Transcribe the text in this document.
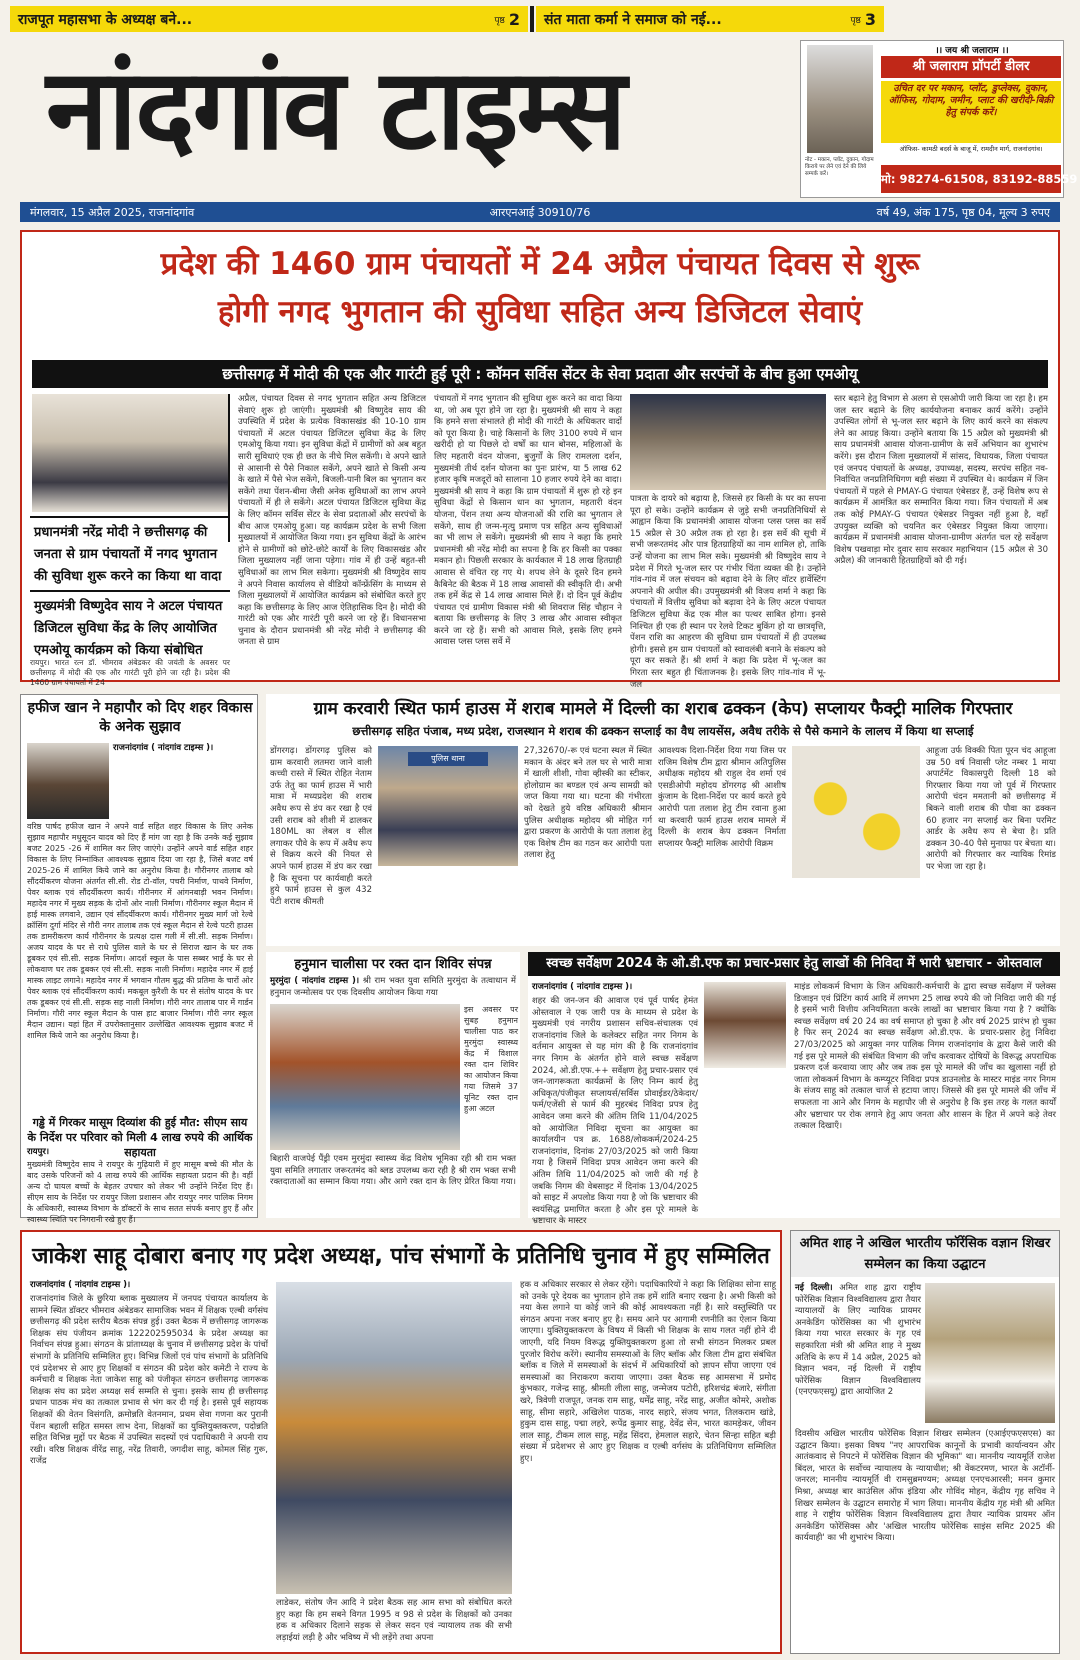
राजपूत महासभा के अध्यक्ष बने...	पृष्ठ 2 संत माता कर्मा ने समाज को नई...	पृष्ठ 3
नांदगांव टाइम्स	नोट - मकान, प्लॉट, दुकान, गोदाम किराये पर लेने एवं देने की लिये सम्पर्क करें।
।। जय श्री जलाराम ।।
श्री जलाराम प्रॉपर्टी डीलर
उचित दर पर मकान, प्लॉट, डुप्लेक्स, दुकान, ऑफिस, गोदाम, जमीन, प्लाट की खरीदी-बिक्री हेतु संपर्क करें।
ऑफिस- कामठी बदर्स के बाजू में, रामदीन मार्ग, राजनांदगांव।
मो: 98274-61508, 83192-88559
मंगलवार, 15 अप्रैल 2025, राजनांदगांव	आरएनआई 30910/76	वर्ष 49, अंक 175, पृष्ठ 04, मूल्य 3 रुपए
प्रदेश की 1460 ग्राम पंचायतों में 24 अप्रैल पंचायत दिवस से शुरू
होगी नगद भुगतान की सुविधा सहित अन्य डिजिटल सेवाएं
छत्तीसगढ़ में मोदी की एक और गारंटी हुई पूरी : कॉमन सर्विस सेंटर के सेवा प्रदाता और सरपंचों के बीच हुआ एमओयू
प्रधानमंत्री नरेंद्र मोदी ने छत्तीसगढ़ की जनता से ग्राम पंचायतों में नगद भुगतान की सुविधा शुरू करने का किया था वादा
मुख्यमंत्री विष्णुदेव साय ने अटल पंचायत डिजिटल सुविधा केंद्र के लिए आयोजित एमओयू कार्यक्रम को किया संबोधित
रायपुर। भारत रत्न डॉ. भीमराव अंबेडकर की जयंती के अवसर पर छत्तीसगढ़ में मोदी की एक और गारंटी पूरी होने जा रही है। प्रदेश की 1460 ग्राम पंचायतों में 24
अप्रैल, पंचायत दिवस से नगद भुगतान सहित अन्य डिजिटल सेवाएं शुरू हो जाएंगी। मुख्यमंत्री श्री विष्णुदेव साय की उपस्थिति में प्रदेश के प्रत्येक विकासखंड की 10-10 ग्राम पंचायतों में अटल पंचायत डिजिटल सुविधा केंद्र के लिए एमओयू किया गया। इन सुविधा केंद्रों में ग्रामीणों को अब बहुत सारी सुविधाएं एक ही छत के नीचे मिल सकेंगी। वे अपने खाते से आसानी से पैसे निकाल सकेंगे, अपने खाते से किसी अन्य के खाते में पैसे भेज सकेंगे, बिजली-पानी बिल का भुगतान कर सकेंगे तथा पेंशन-बीमा जैसी अनेक सुविधाओं का लाभ अपने पंचायतों में ही ले सकेंगे। अटल पंचायत डिजिटल सुविधा केंद्र के लिए कॉमन सर्विस सेंटर के सेवा प्रदाताओं और सरपंचों के बीच आज एमओयू हुआ। यह कार्यक्रम प्रदेश के सभी जिला मुख्यालयों में आयोजित किया गया। इन सुविधा केंद्रों के आरंभ होने से ग्रामीणों को छोटे-छोटे कार्यों के लिए विकासखंड और जिला मुख्यालय नहीं जाना पड़ेगा। गांव में ही उन्हें बहुत-सी सुविधाओं का लाभ मिल सकेगा। मुख्यमंत्री श्री विष्णुदेव साय ने अपने निवास कार्यालय से वीडियो कॉन्फ्रेंसिंग के माध्यम से जिला मुख्यालयों में आयोजित कार्यक्रम को संबोधित करते हुए कहा कि छत्तीसगढ़ के लिए आज ऐतिहासिक दिन है। मोदी की गारंटी को एक और गारंटी पूरी करने जा रहे हैं। विधानसभा चुनाव के दौरान प्रधानमंत्री श्री नरेंद्र मोदी ने छत्तीसगढ़ की जनता से ग्राम
पंचायतों में नगद भुगतान की सुविधा शुरू करने का वादा किया था, जो अब पूरा होने जा रहा है। मुख्यमंत्री श्री साय ने कहा कि हमने सत्ता संभालते ही मोदी की गारंटी के अधिकतर वादों को पूरा किया है। चाहे किसानों के लिए 3100 रुपये में धान खरीदी हो या पिछले दो वर्षों का धान बोनस, महिलाओं के लिए महतारी वंदन योजना, बुजुर्गों के लिए रामलला दर्शन, मुख्यमंत्री तीर्थ दर्शन योजना का पुनः प्रारंभ, या 5 लाख 62 हजार कृषि मजदूरों को सालाना 10 हजार रुपये देने का वादा। मुख्यमंत्री श्री साय ने कहा कि ग्राम पंचायतों में शुरू हो रहे इन सुविधा केंद्रों से किसान धान का भुगतान, महतारी वंदन योजना, पेंशन तथा अन्य योजनाओं की राशि का भुगतान ले सकेंगे, साथ ही जन्म-मृत्यु प्रमाण पत्र सहित अन्य सुविधाओं का भी लाभ ले सकेंगे। मुख्यमंत्री श्री साय ने कहा कि हमारे प्रधानमंत्री श्री नरेंद्र मोदी का सपना है कि हर किसी का पक्का मकान हो। पिछली सरकार के कार्यकाल में 18 लाख हितग्राही आवास से वंचित रह गए थे। शपथ लेने के दूसरे दिन हमने कैबिनेट की बैठक में 18 लाख आवासों की स्वीकृति दी। अभी तक हमें केंद्र से 14 लाख आवास मिले हैं। दो दिन पूर्व केंद्रीय पंचायत एवं ग्रामीण विकास मंत्री श्री शिवराज सिंह चौहान ने बताया कि छत्तीसगढ़ के लिए 3 लाख और आवास स्वीकृत करने जा रहे हैं। सभी को आवास मिले, इसके लिए हमने आवास प्लस प्लस सर्वे में
पात्रता के दायरे को बढ़ाया है, जिससे हर किसी के घर का सपना पूरा हो सके। उन्होंने कार्यक्रम से जुड़े सभी जनप्रतिनिधियों से आह्वान किया कि प्रधानमंत्री आवास योजना प्लस प्लस का सर्वे 15 अप्रैल से 30 अप्रैल तक हो रहा है। इस सर्वे की सूची में सभी जरूरतमंद और पात्र हितग्राहियों का नाम शामिल हो, ताकि उन्हें योजना का लाभ मिल सके। मुख्यमंत्री श्री विष्णुदेव साय ने प्रदेश में गिरते भू-जल स्तर पर गंभीर चिंता व्यक्त की है। उन्होंने गांव-गांव में जल संचयन को बढ़ावा देने के लिए वॉटर हार्वेस्टिंग अपनाने की अपील की। उपमुख्यमंत्री श्री विजय शर्मा ने कहा कि पंचायतों में वित्तीय सुविधा को बढ़ावा देने के लिए अटल पंचायत डिजिटल सुविधा केंद्र एक मील का पत्थर साबित होगा। इनसे निश्चित ही एक ही स्थान पर रेलवे टिकट बुकिंग हो या छात्रवृत्ति, पेंशन राशि का आहरण की सुविधा ग्राम पंचायतों में ही उपलब्ध होगी। इससे हम ग्राम पंचायतों को स्वावलंबी बनाने के संकल्प को पूरा कर सकते हैं। श्री शर्मा ने कहा कि प्रदेश में भू-जल का गिरता स्तर बहुत ही चिंताजनक है। इसके लिए गांव-गांव में भू-जल
स्तर बढ़ाने हेतु विभाग से अलग से एसओपी जारी किया जा रहा है। हम जल स्तर बढ़ाने के लिए कार्ययोजना बनाकर कार्य करेंगे। उन्होंने उपस्थित लोगों से भू-जल स्तर बढ़ाने के लिए कार्य करने का संकल्प लेने का आग्रह किया। उन्होंने बताया कि 15 अप्रैल को मुख्यमंत्री श्री साय प्रधानमंत्री आवास योजना-ग्रामीण के सर्वे अभियान का शुभारंभ करेंगे। इस दौरान जिला मुख्यालयों में सांसद, विधायक, जिला पंचायत एवं जनपद पंचायतों के अध्यक्ष, उपाध्यक्ष, सदस्य, सरपंच सहित नव-निर्वाचित जनप्रतिनिधिगण बड़ी संख्या में उपस्थित थे। कार्यक्रम में जिन पंचायतों में पहले से PMAY-G पंचायत एंबेसडर हैं, उन्हें विशेष रूप से कार्यक्रम में आमंत्रित कर सम्मानित किया गया। जिन पंचायतों में अब तक कोई PMAY-G पंचायत एंबेसडर नियुक्त नहीं हुआ है, वहाँ उपयुक्त व्यक्ति को चयनित कर एंबेसडर नियुक्त किया जाएगा। कार्यक्रम में प्रधानमंत्री आवास योजना-ग्रामीण अंतर्गत चल रहे सर्वेक्षण विशेष पखवाड़ा मोर दुवार साय सरकार महाभियान (15 अप्रैल से 30 अप्रैल) की जानकारी हितग्राहियों को दी गई।
हफीज खान ने महापौर को दिए शहर विकास के अनेक सुझाव
राजनांदगांव ( नांदगांव टाइम्स )।
वरिष्ठ पार्षद हफीज खान ने अपने वार्ड सहित शहर विकास के लिए अनेक सुझाव महापौर मधुसूदन यादव को दिए हैं मांग जा रहा है कि उनके कई सुझाव बजट 2025 -26 में शामिल कर लिए जाएंगे। उन्होंने अपने वार्ड सहित शहर विकास के लिए निम्नांकित आवश्यक सुझाव दिया जा रहा है, जिसे बजट वर्ष 2025-26 में शामिल किये जाने का अनुरोध किया है। गौरीनगर तालाब को सौंदर्यीकरण योजना अंतर्गत सी.सी. रोड टो-वॉल, पचरी निर्माण, पाथवे निर्माण, पेवर ब्लाक एवं सौंदर्यीकरण कार्य। गौरीनगर में आंगनबाड़ी भवन निर्माण। महादेव नगर में मुख्य सड़क के दोनों ओर नाली निर्माण। गौरीनगर स्कूल मैदान में हाई मास्क लगवाने, उद्यान एवं सौंदर्यीकरण कार्य। गौरीनगर मुख्य मार्ग जो रेल्वे क्रॉसिंग दुर्गा मंदिर से गौरी नगर तालाब तक एवं स्कूल मैदान से रेल्वे पटरी हाउस तक डामरीकरण कार्य गौरीनगर के प्रत्यक्ष दास गली में सी.सी. सड़क निर्माण। अजय यादव के घर से राधे पुलिस वाले के घर से सिराज खान के घर तक डूबकर एवं सी.सी. सड़क निर्माण। आदर्श स्कूल के पास सब्बर भाई के घर से लोकवाण घर तक डूबकर एवं सी.सी. सड़क नाली निर्माण। महादेव नगर में हाई मास्क लाइट लगाने। महादेव नगर में भगवान गौतम बुद्ध की प्रतिमा के चारों ओर पेवर ब्लाक एवं सौंदर्यीकरण कार्य। मकबूल कुरैशी के घर से संतोष यादव के घर तक डूबकर एवं सी.सी. सड़क सह नाली निर्माण। गौरी नगर तालाब पार में गार्डन निर्माण। गौरी नगर स्कूल मैदान के पास हाट बाजार निर्माण। गौरी नगर स्कूल मैदान उद्यान। यहां हित में उपरोक्तानुसार उल्लेखित आवश्यक सुझाव बजट में शामिल किये जाने का अनुरोध किया है।
गड्ढे में गिरकर मासूम दिव्यांश की हुई मौत: सीएम साय के निर्देश पर परिवार को मिली 4 लाख रुपये की आर्थिक सहायता
रायपुर।
मुख्यमंत्री विष्णुदेव साय ने रायपुर के गुढ़ियारी में हुए मासूम बच्चे की मौत के बाद उसके परिजनों को 4 लाख रुपये की आर्थिक सहायता प्रदान की है। वहीं अन्य दो घायल बच्चों के बेहतर उपचार को लेकर भी उन्होंने निर्देश दिए हैं। सीएम साय के निर्देश पर रायपुर जिला प्रशासन और रायपुर नगर पालिक निगम के अधिकारी, स्वास्थ्य विभाग के डॉक्टरों के साथ सतत संपर्क बनाए हुए हैं और स्वास्थ्य स्थिति पर निगरानी रखे हुए हैं।
ग्राम करवारी स्थित फार्म हाउस में शराब मामले में दिल्ली का शराब ढक्कन (केप) सप्लायर फैक्ट्री मालिक गिरफ्तार
छत्तीसगढ़ सहित पंजाब, मध्य प्रदेश, राजस्थान मे शराब की ढक्कन सप्लाई का वैध लायसेंस, अवैध तरीके से पैसे कमाने के लालच में किया था सप्लाई
डोंगरगढ़। डोंगरगढ़ पुलिस को ग्राम करवारी लतमरा जाने वाली कच्ची रास्ते में स्थित रोहित नेताम उर्फ तेतु का फार्म हाउस में भारी मात्रा में मध्यप्रदेश की शराब अवैध रूप से डंप कर रखा है एवं उसी शराब को शीशी में ढालकर 180ML का लेबल व सील लगाकर पौवे के रूप में अवैध रूप से विक्रय करने की नियत से अपने फार्म हाउस में डंप कर रखा है कि सूचना पर कार्यवाही करते हुये फार्म हाउस से कुल 432 पेटी शराब कीमती
पुलिस थाना
27,32670/-रू एवं घटना स्थल में स्थित मकान के अंदर बने तल घर से भारी मात्रा में खाली शीशी, गोवा व्हीस्की का स्टीकर, होलोग्राम का बण्डल एवं अन्य सामग्री को जप्त किया गया था। घटना की गंभीरता को देखते हुये वरिष्ठ अधिकारी श्रीमान पुलिस अधीक्षक महोदय श्री मोहित गर्ग द्वारा प्रकरण के आरोपी के पता तलाश हेतु एक विशेष टीम का गठन कर आरोपी पता तलाश हेतु
आवश्यक दिशा-निर्देश दिया गया जिस पर राजिम विशेष टीम द्वारा श्रीमान अतिपुलिस अधीक्षक महोदय श्री राहुल देव शर्मा एवं एसडीओपी महोदय डोंगरगढ़ श्री आशीष कुंजाम के दिशा-निर्देश पर कार्य करते हुये आरोपी पता तलाश हेतु टीम रवाना हुआ था करवारी फार्म हाउस शराब मामले में दिल्ली के शराब केप ढक्कन निर्माता सप्लायर फैक्ट्री मालिक आरोपी विक्रम
आहूजा उर्फ विक्की पिता पूरन चंद आहूजा उम्र 50 वर्ष निवासी प्लेट नम्बर 1 माया अपार्टमेंट विकासपुरी दिल्ली 18 को गिरफ्तार किया गया जो पूर्व में गिरफ्तार आरोपी चंदन ममतानी को छत्तीसगढ़ में बिकने वाली शराब की पौवा का ढक्कन 60 हजार नग सप्लाई कर बिना परमिट आर्डर के अवैध रूप से बेचा है। प्रति ढक्कन 30-40 पैसे मुनाफा पर बेचता था। आरोपी को गिरफ्तार कर न्यायिक रिमांड पर भेजा जा रहा है।
हनुमान चालीसा पर रक्त दान शिविर संपन्न
मुरमुंदा ( नांदगांव टाइम्स )। श्री राम भक्त युवा समिति मुरमुंदा के तत्वाधान में हनुमान जन्मोत्सव पर एक दिवसीय आयोजन किया गया
इस अवसर पर सुबह हनुमान चालीसा पाठ कर मुरमुंदा स्वास्थ्य केंद्र में विशाल रक्त दान शिविर का आयोजन किया गया जिसमे 37 यूनिट रक्त दान हुआ अटल
बिहारी वाजपेई पैंड्री एवम मुरमुंदा स्वास्थ्य केंद्र विशेष भूमिका रही श्री राम भक्त युवा समिति लगातार जरूरतमंद को ब्लड उपलब्ध करा रही है श्री राम भक्त सभी रक्तदाताओं का सम्मान किया गया। और आगे रक्त दान के लिए प्रेरित किया गया।
स्वच्छ सर्वेक्षण 2024 के ओ.डी.एफ का प्रचार-प्रसार हेतु लाखों की निविदा में भारी भ्रष्टाचार - ओस्तवाल
राजनांदगांव ( नांदगांव टाइम्स )।
शहर की जन-जन की आवाज एवं पूर्व पार्षद हेमंत ओस्तवाल ने एक जारी पत्र के माध्यम से प्रदेश के मुख्यमंत्री एवं नगरीय प्रशासन सचिव-संचालक एवं राजनांदगांव जिले के कलेक्टर सहित नगर निगम के वर्तमान आयुक्त से यह मांग की है कि राजनांदगांव नगर निगम के अंतर्गत होने वाले स्वच्छ सर्वेक्षण 2024, ओ.डी.एफ.++ सर्वेक्षण हेतु प्रचार-प्रसार एवं जन-जागरूकता कार्यक्रमों के लिए निम्न कार्य हेतु अधिकृत/पंजीकृत सप्लायर्स/सर्विस प्रोवाईडर/ठेकेदार/फर्म/एजेंसी से फार्म की मुहरबंद निविदा प्रपत्र हेतु आवेदन जमा करने की अंतिम तिथि 11/04/2025 को आयोजित निविदा सूचना का आयुक्त का कार्यालयीन पत्र क्र. 1688/लोककर्म/2024-25 राजनांदगांव, दिनांक 27/03/2025 को जारी किया गया है जिसमें निविदा प्रपत्र आवेदन जमा करने की अंतिम तिथि 11/04/2025 को जारी की गई है जबकि निगम की वेबसाइट में दिनांक 13/04/2025 को साइट में अपलोड किया गया है जो कि भ्रष्टाचार की स्वयंसिद्ध प्रमाणित करता है और इस पूरे मामले के भ्रष्टाचार के मास्टर
माइंड लोककर्म विभाग के जिन अधिकारी-कर्मचारी के द्वारा स्वच्छ सर्वेक्षण में फ्लेक्स डिजाइन एवं प्रिंटिंग कार्य आदि में लगभग 25 लाख रुपये की जो निविदा जारी की गई है इसमें भारी वित्तीय अनियमितता करके लाखों का भ्रष्टाचार किया गया है ? क्योंकि स्वच्छ सर्वेक्षण वर्ष 20 24 का वर्ष समाप्त हो चुका है और वर्ष 2025 प्रारंभ हो चुका है फिर सन् 2024 का स्वच्छ सर्वेक्षण ओ.डी.एफ. के प्रचार-प्रसार हेतु निविदा 27/03/2025 को आयुक्त नगर पालिक निगम राजनांदगांव के द्वारा कैसे जारी की गई इस पूरे मामले की संबंधित विभाग की जाँच करवाकर दोषियों के विरूद्ध अपराधिक प्रकरण दर्ज करवाया जाए और जब तक इस पूरे मामले की जाँच का खुलासा नहीं हो जाता लोककर्म विभाग के कम्प्यूटर निविदा प्रपत्र डाउनलोड के मास्टर माइंड नगर निगम के संजय साहू को तत्काल चार्ज से हटाया जाए। जिससे की इस पूरे मामले की जाँच में सफलता ना आने और निगम के महापौर जी से अनुरोध है कि इस तरह के गलत कार्यों और भ्रष्टाचार पर रोक लगाने हेतु आप जनता और शासन के हित में अपने कड़े तेवर तत्काल दिखाएँ।
जाकेश साहू दोबारा बनाए गए प्रदेश अध्यक्ष, पांच संभागों के प्रतिनिधि चुनाव में हुए सम्मिलित
राजनांदगांव ( नांदगांव टाइम्स )।
राजनांदगांव जिले के छुरिया ब्लाक मुख्यालय में जनपद पंचायत कार्यालय के सामने स्थित डॉक्टर भीमराव अंबेडकर सामाजिक भवन में शिक्षक एल्बी वर्गसंघ छत्तीसगढ़ की प्रदेश स्तरीय बैठक संपन्न हुई। उक्त बैठक में छत्तीसगढ़ जागरूक शिक्षक संघ पंजीयन क्रमांक 122202595034 के प्रदेश अध्यक्ष का निर्वाचन संपन्न हुआ। संगठन के प्रांताध्यक्ष के चुनाव में छत्तीसगढ़ प्रदेश के पांचों संभागों के प्रतिनिधि सम्मिलित हुए। विभिन्न जिलों एवं पांच संभागों के प्रतिनिधि एवं प्रदेशभर से आए हुए शिक्षकों व संगठन की प्रदेश कोर कमेटी ने राज्य के कर्मचारी व शिक्षक नेता जाकेश साहू को पंजीकृत संगठन छत्तीसगढ़ जागरूक शिक्षक संघ का प्रदेश अध्यक्ष सर्व सम्मति से चुना। इसके साथ ही छत्तीसगढ़ प्रधान पाठक मंच का तत्काल प्रभाव से भंग कर दी गई है। इससे पूर्व सहायक शिक्षकों की वेतन विसंगति, क्रमोन्नति वेतनमान, प्रथम सेवा गणना कर पुरानी पेंशन बहाली सहित समस्त लाभ देना, शिक्षकों का युक्तियुक्तकरण, पदोन्नति सहित विभिन्न मुद्दों पर बैठक में उपस्थित सदस्यों एवं पदाधिकारी ने अपनी राय रखी। वरिष्ठ शिक्षक वीरेंद्र साहू, नरेंद्र तिवारी, जगदीश साहू, कोमल सिंह गुरू, राजेंद्र
लाडेकर, संतोष जैन आदि ने प्रदेश बैठक सह आम सभा को संबोधित करते हुए कहा कि हम सबने विगत 1995 व 98 से प्रदेश के शिक्षकों को उनका हक व अधिकार दिलाने सड़क से लेकर सदन एवं न्यायालय तक की सभी लड़ाईयां लड़ी है और भविष्य में भी लड़ेंगे तथा अपना
हक व अधिकार सरकार से लेकर रहेंगे। पदाधिकारियों ने कहा कि शिक्षिका सोना साहू को उनके पूरे देयक का भुगतान होने तक हमें शांति बनाए रखना है। अभी किसी को नया केस लगाने या कोई जाने की कोई आवश्यकता नहीं है। सारे वस्तुस्थिति पर संगठन अपना नजर बनाए हुए है। समय आने पर आगामी रणनीति का ऐलान किया जाएगा। युक्तियुक्तकरण के विषय में किसी भी शिक्षक के साथ गलत नहीं होने दी जाएगी, यदि नियम विरूद्ध युक्तियुक्तकरण हुआ तो सभी संगठन मिलकर प्रबल पुरजोर विरोध करेंगे। स्थानीय समस्याओं के लिए ब्लॉक और जिला टीम द्वारा संबंधित ब्लॉक व जिले में समस्याओं के संदर्भ में अधिकारियों को ज्ञापन सौंपा जाएगा एवं समस्याओं का निराकरण कराया जाएगा। उक्त बैठक सह आमसभा में प्रमोद कुंभकार, गजेन्द्र साहू, श्रीमती लीला साहू, जन्मेजय पटोरी, हरिशचंद्र बंजारे, संगीता खरे, त्रिवेणी राजपूत, जनक राम साहू, धर्मेंद्र साहू, नरेंद्र साहू, अजीत कोमरे, अशोक साहू, सीमा सहारे, अखिलेश पाठक, नारद सहारे, संजय भगत, तिलकराम खांडे, हुकुम दास साहू, पद्मा लहरे, रूपेंद्र कुमार साहू, देवेंद्र सेन, भारत कामड़ेकर, जीवन लाल साहू, टीकम लाल साहू, महेंद्र सिंदरा, हेमलाल सहारे, चेतन सिन्हा सहित बड़ी संख्या में प्रदेशभर से आए हुए शिक्षक व एल्बी वर्गसंघ के प्रतिनिधिगण सम्मिलित हुए।
अमित शाह ने अखिल भारतीय फॉरेंसिक वज्ञान शिखर सम्मेलन का किया उद्घाटन
नई दिल्ली। अमित शाह द्वारा राष्ट्रीय फोरेंसिक विज्ञान विश्वविद्यालय द्वारा तैयार न्यायालयों के लिए न्यायिक प्रायमर अनकेडिंग फोरेंसिक्स का भी शुभारंभ किया गया भारत सरकार के गृह एवं सहकारिता मंत्री श्री अमित शाह ने मुख्य अतिथि के रूप में 14 अप्रैल, 2025 को विज्ञान भवन, नई दिल्ली में राष्ट्रीय फोरेंसिक विज्ञान विश्वविद्यालय (एनएफएसयू) द्वारा आयोजित 2
दिवसीय अखिल भारतीय फोरेंसिक विज्ञान शिखर सम्मेलन (एआईएफएसएस) का उद्घाटन किया। इसका विषय "नए आपराधिक कानूनों के प्रभावी कार्यान्वयन और आतंकवाद से निपटने में फोरेंसिक विज्ञान की भूमिका" था। माननीय न्यायमूर्ति राजेश बिंदल, भारत के सर्वोच्च न्यायालय के न्यायाधीश; श्री वेंकटरमण, भारत के अटॉर्नी-जनरल; माननीय न्यायमूर्ति वी रामसुब्रमण्यम; अध्यक्ष एनएचआरसी; मनन कुमार मिश्रा, अध्यक्ष बार काउंसिल ऑफ इंडिया और गोविंद मोहन, केंद्रीय गृह सचिव ने शिखर सम्मेलन के उद्घाटन समारोह में भाग लिया। माननीय केंद्रीय गृह मंत्री श्री अमित शाह ने राष्ट्रीय फोरेंसिक विज्ञान विश्वविद्यालय द्वारा तैयार न्यायिक प्रायमर ऑन अनकेडिंग फोरेंसिक्स और 'अखिल भारतीय फोरेंसिक साइंस समिट 2025 की कार्यवाही' का भी शुभारंभ किया।
